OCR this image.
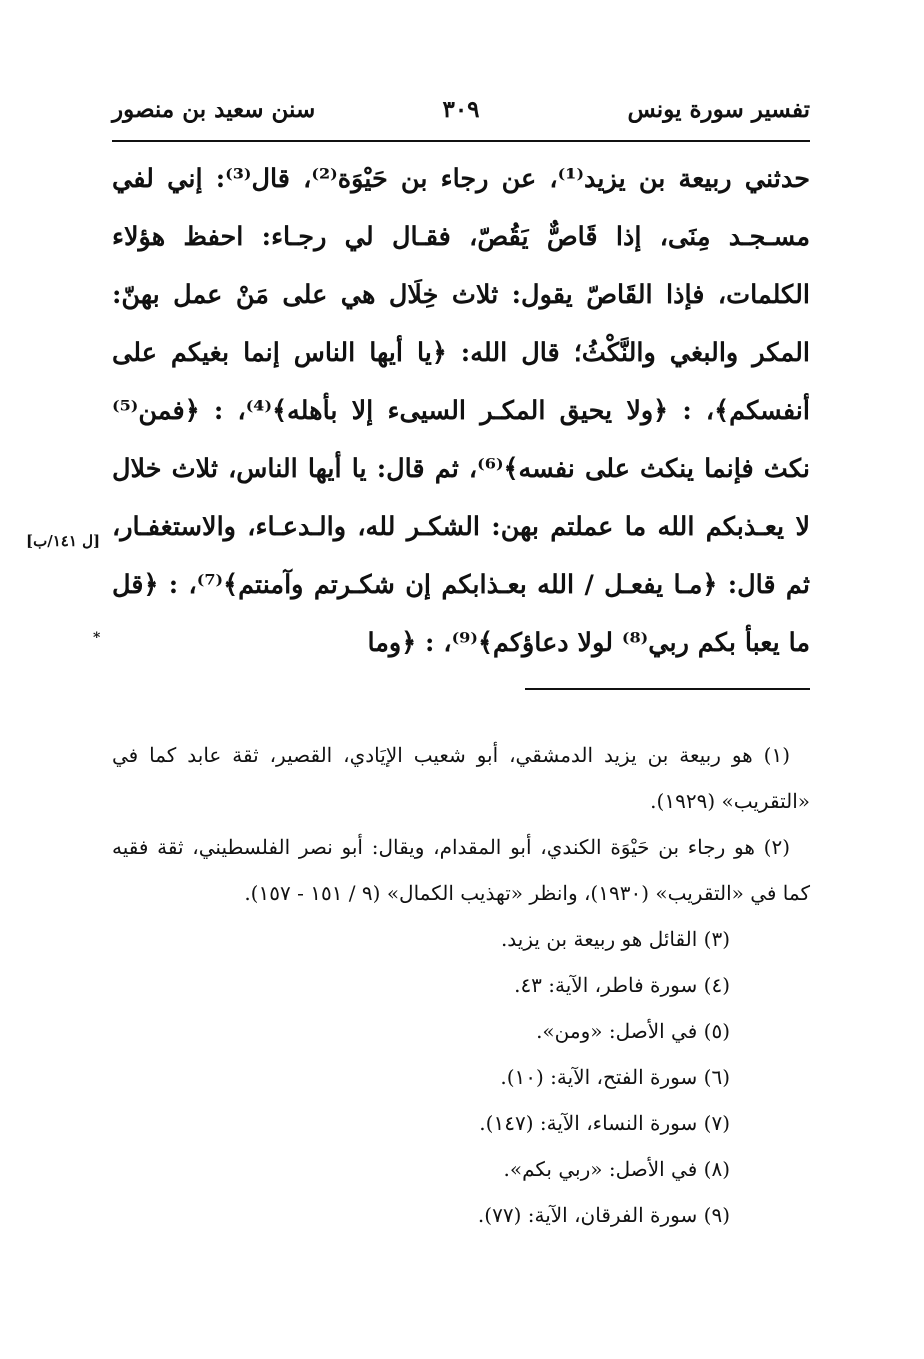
تفسير سورة يونس
٣٠٩
سنن سعيد بن منصور

حدثني ربيعة بن يزيد⁽¹⁾، عن رجاء بن حَيْوَة⁽²⁾، قال⁽³⁾: إني لفي مسـجـد مِنَى، إذا قَاصٌّ يَقُصّ، فقـال لي رجـاء: احفظ هؤلاء الكلمات، فإذا القَاصّ يقول: ثلاث خِلَال هي على مَنْ عمل بهنّ: المكر والبغي والنَّكْثُ؛ قال الله: ﴿يا أيها الناس إنما بغيكم على أنفسكم﴾، : ﴿ولا يحيق المكـر السيىء إلا بأهله﴾⁽⁴⁾، : ﴿فمن⁽⁵⁾ نكث فإنما ينكث على نفسه﴾⁽⁶⁾، ثم قال: يا أيها الناس، ثلاث خلال لا يعـذبكم الله ما عملتم بهن: الشكـر لله، والـدعـاء، والاستغفـار، ثم قال: ﴿مـا يفعـل / الله بعـذابكم إن شكـرتم وآمنتم﴾⁽⁷⁾، : ﴿قل ما يعبأ بكم ربي⁽⁸⁾ لولا دعاؤكم﴾⁽⁹⁾، : ﴿وما

[ل ١٤١/ب]
*

(١) هو ربيعة بن يزيد الدمشقي، أبو شعيب الإيَادي، القصير، ثقة عابد كما في «التقريب» (١٩٢٩).

(٢) هو رجاء بن حَيْوَة الكندي، أبو المقدام، ويقال: أبو نصر الفلسطيني، ثقة فقيه كما في «التقريب» (١٩٣٠)، وانظر «تهذيب الكمال» (٩ / ١٥١ - ١٥٧).

(٣) القائل هو ربيعة بن يزيد.

(٤) سورة فاطر، الآية: ٤٣.

(٥) في الأصل: «ومن».

(٦) سورة الفتح، الآية: (١٠).

(٧) سورة النساء، الآية: (١٤٧).

(٨) في الأصل: «ربي بكم».

(٩) سورة الفرقان، الآية: (٧٧).
